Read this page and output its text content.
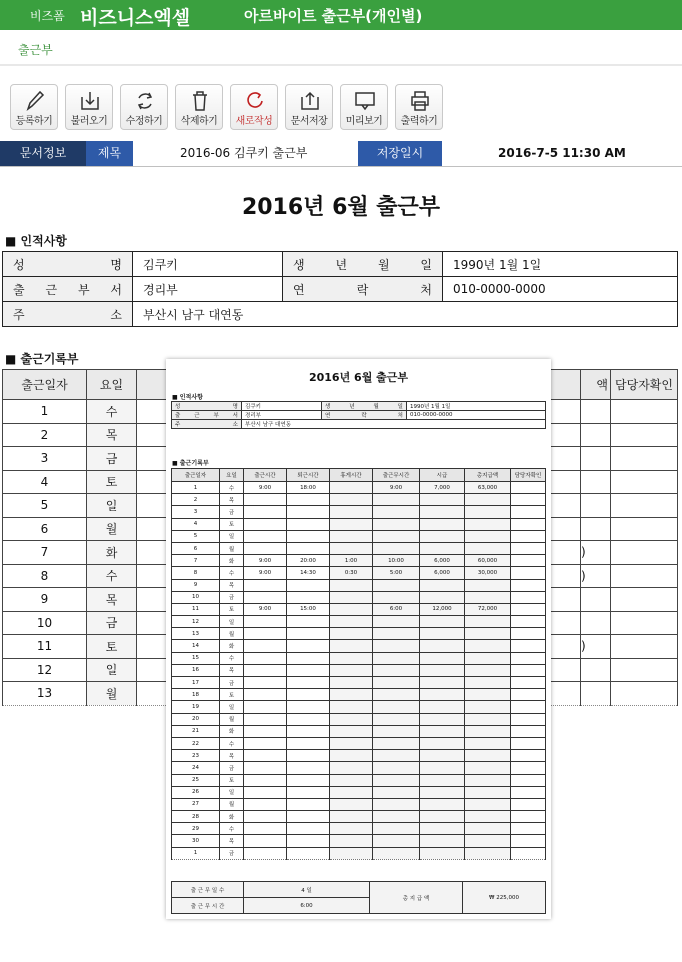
비즈폼 비즈니스엑셀	아르바이트 출근부(개인별)
출근부
등록하기	불러오기	수정하기	삭제하기	새로작성	문서저장	미리보기	출력하기
문서정보	제목	2016-06 김쿠키 출근부	저장일시	2016-7-5 11:30 AM
2016년 6월 출근부
■ 인적사항
성 명	김쿠키	생 년 월 일	1990년 1월 1일
출 근 부 서	경리부	연 락 처	010-0000-0000
주 소	부산시 남구 대연동		
■ 출근기록부
출근일자	요일		액	담당자확인
1	수			
2	목			
3	금			
4	토			
5	일			
6	월			
7	화		)	
8	수		)	
9	목			
10	금			
11	토		)	
12	일			
13	월			
2016년 6월 출근부
■ 인적사항
성 명	김쿠키	생 년 월 일	1990년 1월 1일
출 근 부 서	경리부	연 락 처	010-0000-0000
주 소	부산시 남구 대연동		
■ 출근기록부
출근일자	요일	출근시간	퇴근시간	휴게시간	출근무시간	시급	총지급액	담당자확인
1	수	9:00	18:00		9:00	7,000	63,000	
2	목							
3	금							
4	토							
5	일							
6	월							
7	화	9:00	20:00	1:00	10:00	6,000	60,000	
8	수	9:00	14:30	0:30	5:00	6,000	30,000	
9	목							
10	금							
11	토	9:00	15:00		6:00	12,000	72,000	
12	일							
13	월							
14	화							
15	수							
16	목							
17	금							
18	토							
19	일							
20	월							
21	화							
22	수							
23	목							
24	금							
25	토							
26	일							
27	월							
28	화							
29	수							
30	목							
1	금							
출 근 무 일 수	4 일	총 지 급 액	₩ 225,000
출 근 무 시 간	6:00		
